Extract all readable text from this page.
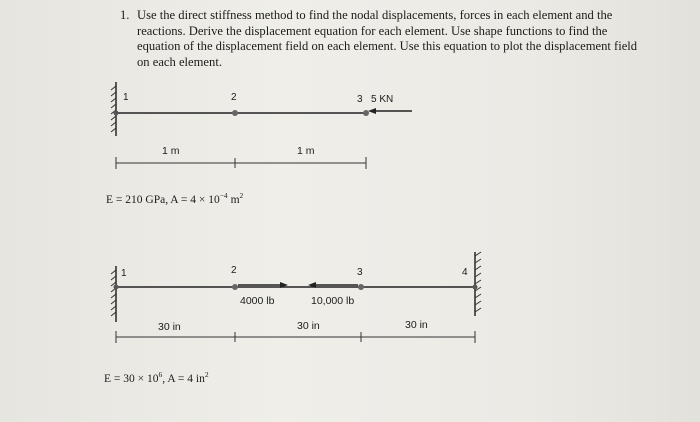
1. Use the direct stiffness method to find the nodal displacements, forces in each element and the reactions. Derive the displacement equation for each element. Use shape functions to find the equation of the displacement field on each element. Use this equation to plot the displacement field on each element.
1	2	3 5 KN
1 m	1 m
E = 210 GPa, $A = 4 \times 10^{-4}$ $m^2$
1	2	3	4
4000 lb	10,000 lb
30 in	30 in	30 in
$E = 30 \times 10^6$, A = 4 $in^2$
